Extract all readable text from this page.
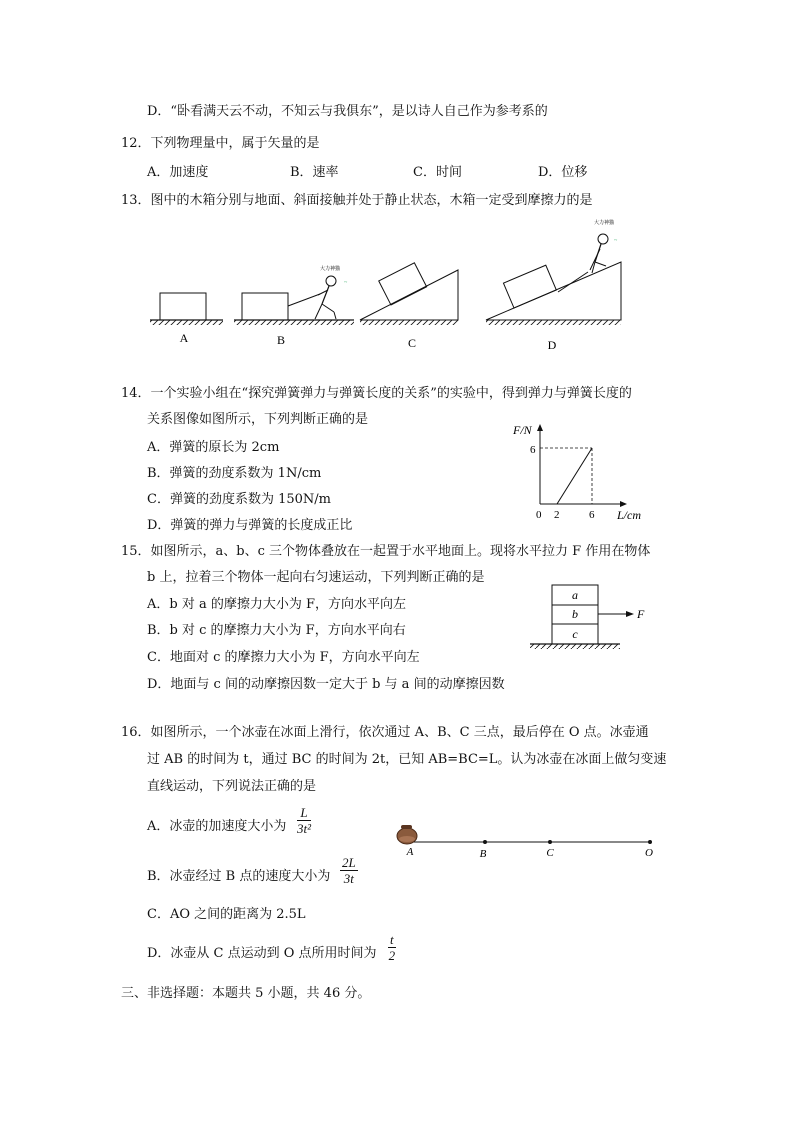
D．“卧看满天云不动，不知云与我俱东”，是以诗人自己作为参考系的
12．下列物理量中，属于矢量的是
A．加速度	B．速率	C．时间	D．位移
13．图中的木箱分别与地面、斜面接触并处于静止状态，木箱一定受到摩擦力的是
A
~
大力神猫
C
~
大力神猫
B	D
14．一个实验小组在“探究弹簧弹力与弹簧长度的关系”的实验中，得到弹力与弹簧长度的
关系图像如图所示，下列判断正确的是
A．弹簧的原长为 2cm
B．弹簧的劲度系数为 1N/cm
C．弹簧的劲度系数为 150N/m
D．弹簧的弹力与弹簧的长度成正比
F/N
L/cm
6
0 2	6
15．如图所示，a、b、c 三个物体叠放在一起置于水平地面上。现将水平拉力 F 作用在物体
b 上，拉着三个物体一起向右匀速运动，下列判断正确的是
A．b 对 a 的摩擦力大小为 F，方向水平向左
B．b 对 c 的摩擦力大小为 F，方向水平向右
C．地面对 c 的摩擦力大小为 F，方向水平向左
D．地面与 c 间的动摩擦因数一定大于 b 与 a 间的动摩擦因数
a
b
c
F
16．如图所示，一个冰壶在冰面上滑行，依次通过 A、B、C 三点，最后停在 O 点。冰壶通
过 AB 的时间为 t，通过 BC 的时间为 2t，已知 AB=BC=L。认为冰壶在冰面上做匀变速
直线运动，下列说法正确的是
A．冰壶的加速度大小为 $\frac{L}{\text{3t²}}$
B．冰壶经过 B 点的速度大小为 $\frac{2L}{3t}$
C．AO 之间的距离为 2.5L
D．冰壶从 C 点运动到 O 点所用时间为 $\frac{t}{2}$
A	B	C	O
三、非选择题：本题共 5 小题，共 46 分。
